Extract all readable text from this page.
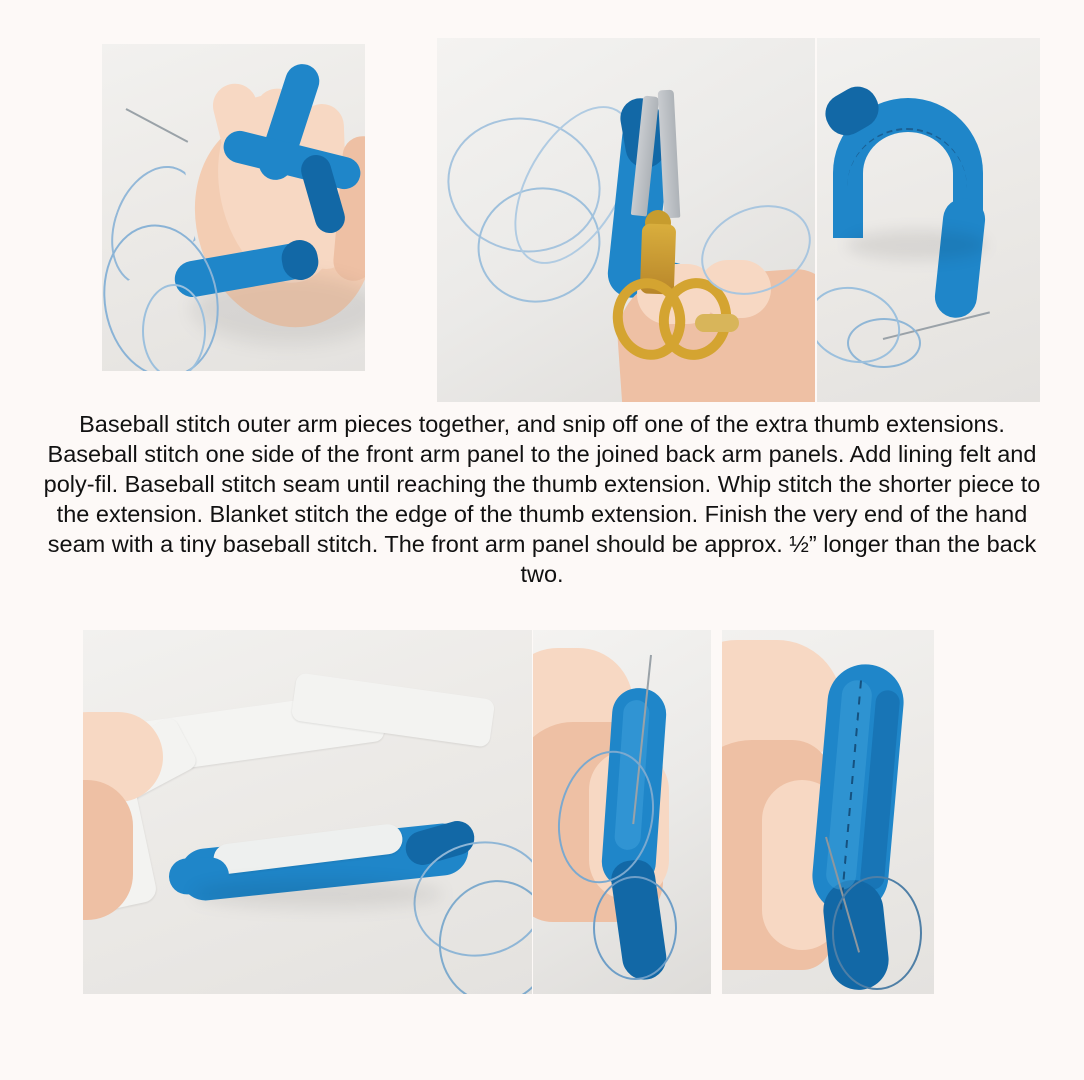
Baseball stitch outer arm pieces together, and snip off one of the extra thumb extensions.

Baseball stitch one side of the front arm panel to the joined back arm panels. Add lining felt and poly-fil. Baseball stitch seam until reaching the thumb extension. Whip stitch the shorter piece to the extension. Blanket stitch the edge of the thumb extension. Finish the very end of the hand seam with a tiny baseball stitch. The front arm panel should be approx. ½” longer than the back two.
